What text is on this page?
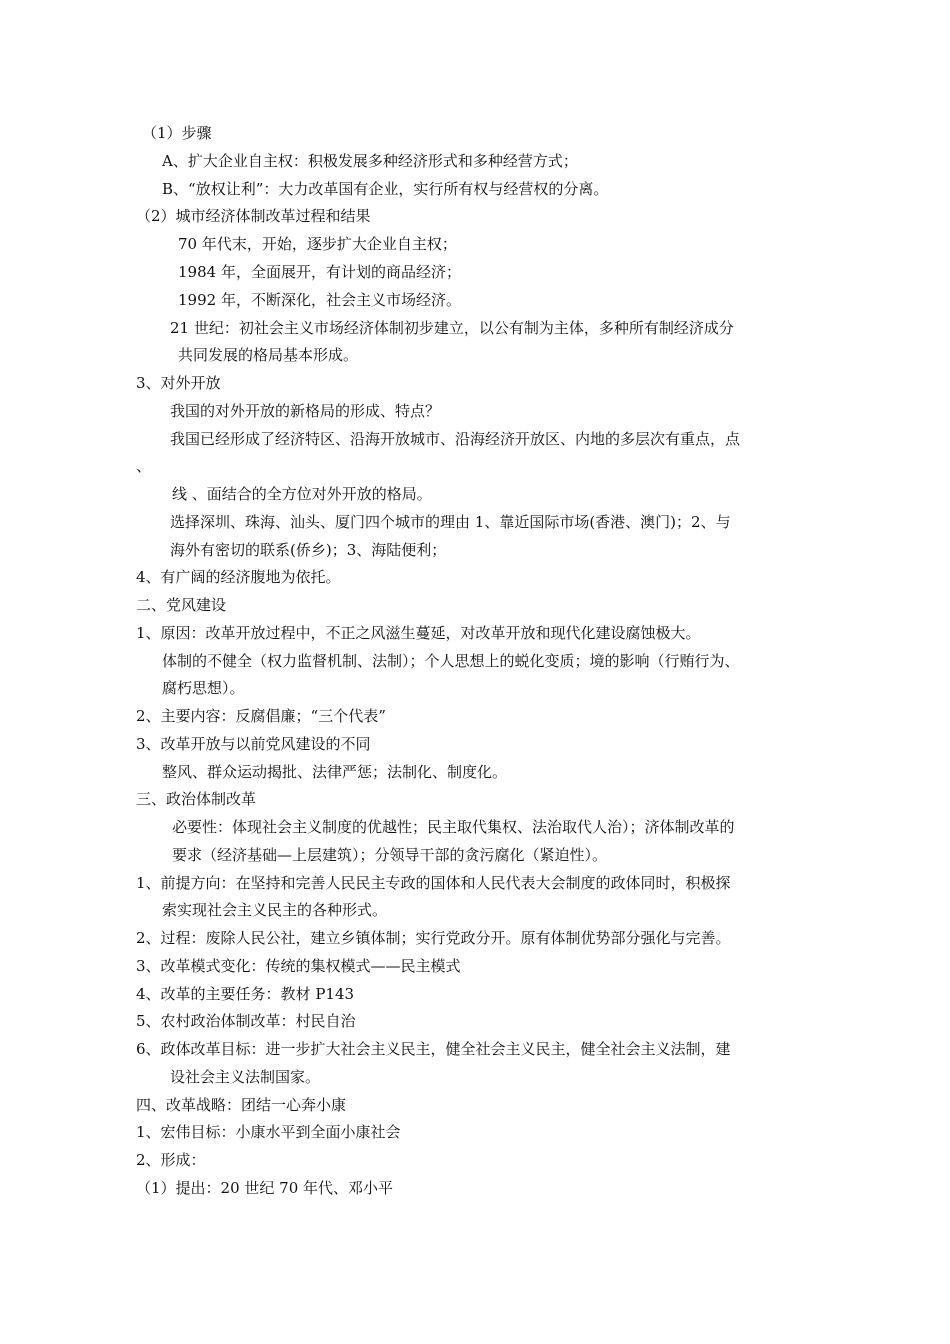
（1）步骤
A、扩大企业自主权：积极发展多种经济形式和多种经营方式；
B、“放权让利”：大力改革国有企业，实行所有权与经营权的分离。
（2）城市经济体制改革过程和结果
70 年代末，开始，逐步扩大企业自主权；
1984 年，全面展开，有计划的商品经济；
1992 年，不断深化，社会主义市场经济。
21 世纪：初社会主义市场经济体制初步建立，以公有制为主体，多种所有制经济成分
共同发展的格局基本形成。
3、对外开放
我国的对外开放的新格局的形成、特点？
我国已经形成了经济特区、沿海开放城市、沿海经济开放区、内地的多层次有重点，点
、
线 、面结合的全方位对外开放的格局。
选择深圳、珠海、汕头、厦门四个城市的理由 1、靠近国际市场(香港、澳门)；2、与
海外有密切的联系(侨乡)；3、海陆便利；
4、有广阔的经济腹地为依托。
二、党风建设
1、原因：改革开放过程中，不正之风滋生蔓延，对改革开放和现代化建设腐蚀极大。
体制的不健全（权力监督机制、法制）；个人思想上的蜕化变质；境的影响（行贿行为、
腐朽思想）。
2、主要内容：反腐倡廉；“三个代表”
3、改革开放与以前党风建设的不同
整风、群众运动揭批、法律严惩；法制化、制度化。
三、政治体制改革
必要性：体现社会主义制度的优越性；民主取代集权、法治取代人治）；济体制改革的
要求（经济基础—上层建筑）；分领导干部的贪污腐化（紧迫性）。
1、前提方向：在坚持和完善人民民主专政的国体和人民代表大会制度的政体同时，积极探
索实现社会主义民主的各种形式。
2、过程：废除人民公社，建立乡镇体制；实行党政分开。原有体制优势部分强化与完善。
3、改革模式变化：传统的集权模式——民主模式
4、改革的主要任务：教材 P143
5、农村政治体制改革：村民自治
6、政体改革目标：进一步扩大社会主义民主，健全社会主义民主，健全社会主义法制，建
设社会主义法制国家。
四、改革战略：团结一心奔小康
1、宏伟目标：小康水平到全面小康社会
2、形成：
（1）提出：20 世纪 70 年代、邓小平
